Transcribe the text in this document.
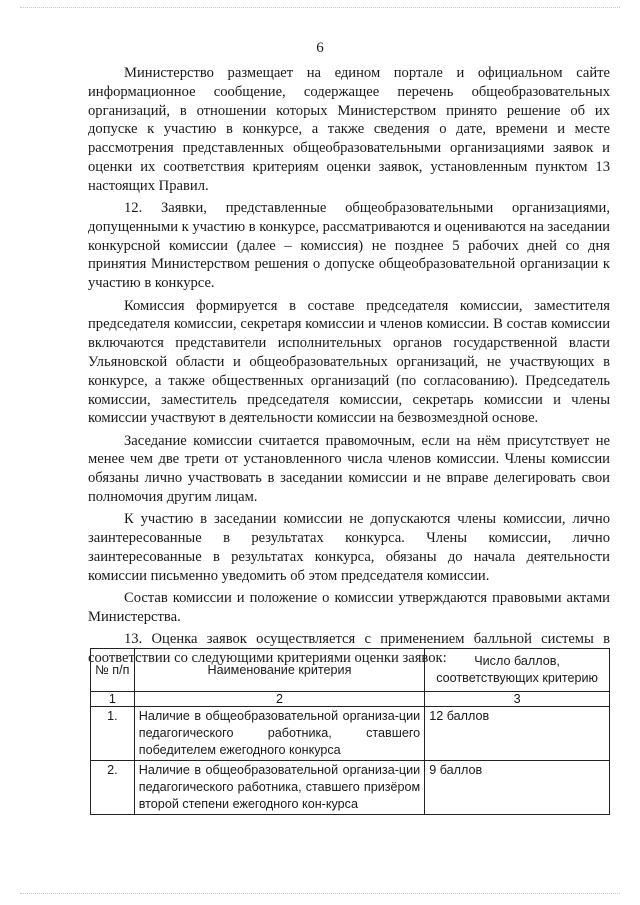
6

Министерство размещает на едином портале и официальном сайте информационное сообщение, содержащее перечень общеобразовательных организаций, в отношении которых Министерством принято решение об их допуске к участию в конкурсе, а также сведения о дате, времени и месте рассмотрения представленных общеобразовательными организациями заявок и оценки их соответствия критериям оценки заявок, установленным пунктом 13 настоящих Правил.

12. Заявки, представленные общеобразовательными организациями, допущенными к участию в конкурсе, рассматриваются и оцениваются на заседании конкурсной комиссии (далее – комиссия) не позднее 5 рабочих дней со дня принятия Министерством решения о допуске общеобразовательной организации к участию в конкурсе.

Комиссия формируется в составе председателя комиссии, заместителя председателя комиссии, секретаря комиссии и членов комиссии. В состав комиссии включаются представители исполнительных органов государственной власти Ульяновской области и общеобразовательных организаций, не участвующих в конкурсе, а также общественных организаций (по согласованию). Председатель комиссии, заместитель председателя комиссии, секретарь комиссии и члены комиссии участвуют в деятельности комиссии на безвозмездной основе.

Заседание комиссии считается правомочным, если на нём присутствует не менее чем две трети от установленного числа членов комиссии. Члены комиссии обязаны лично участвовать в заседании комиссии и не вправе делегировать свои полномочия другим лицам.

К участию в заседании комиссии не допускаются члены комиссии, лично заинтересованные в результатах конкурса. Члены комиссии, лично заинтересованные в результатах конкурса, обязаны до начала деятельности комиссии письменно уведомить об этом председателя комиссии.

Состав комиссии и положение о комиссии утверждаются правовыми актами Министерства.

13. Оценка заявок осуществляется с применением балльной системы в соответствии со следующими критериями оценки заявок:

№ п/п	Наименование критерия	Число баллов, соответствующих критерию
1	2	3
1.	Наличие в общеобразовательной организа-ции педагогического работника, ставшего победителем ежегодного конкурса	12 баллов
2.	Наличие в общеобразовательной организа-ции педагогического работника, ставшего призёром второй степени ежегодного кон-курса	9 баллов
